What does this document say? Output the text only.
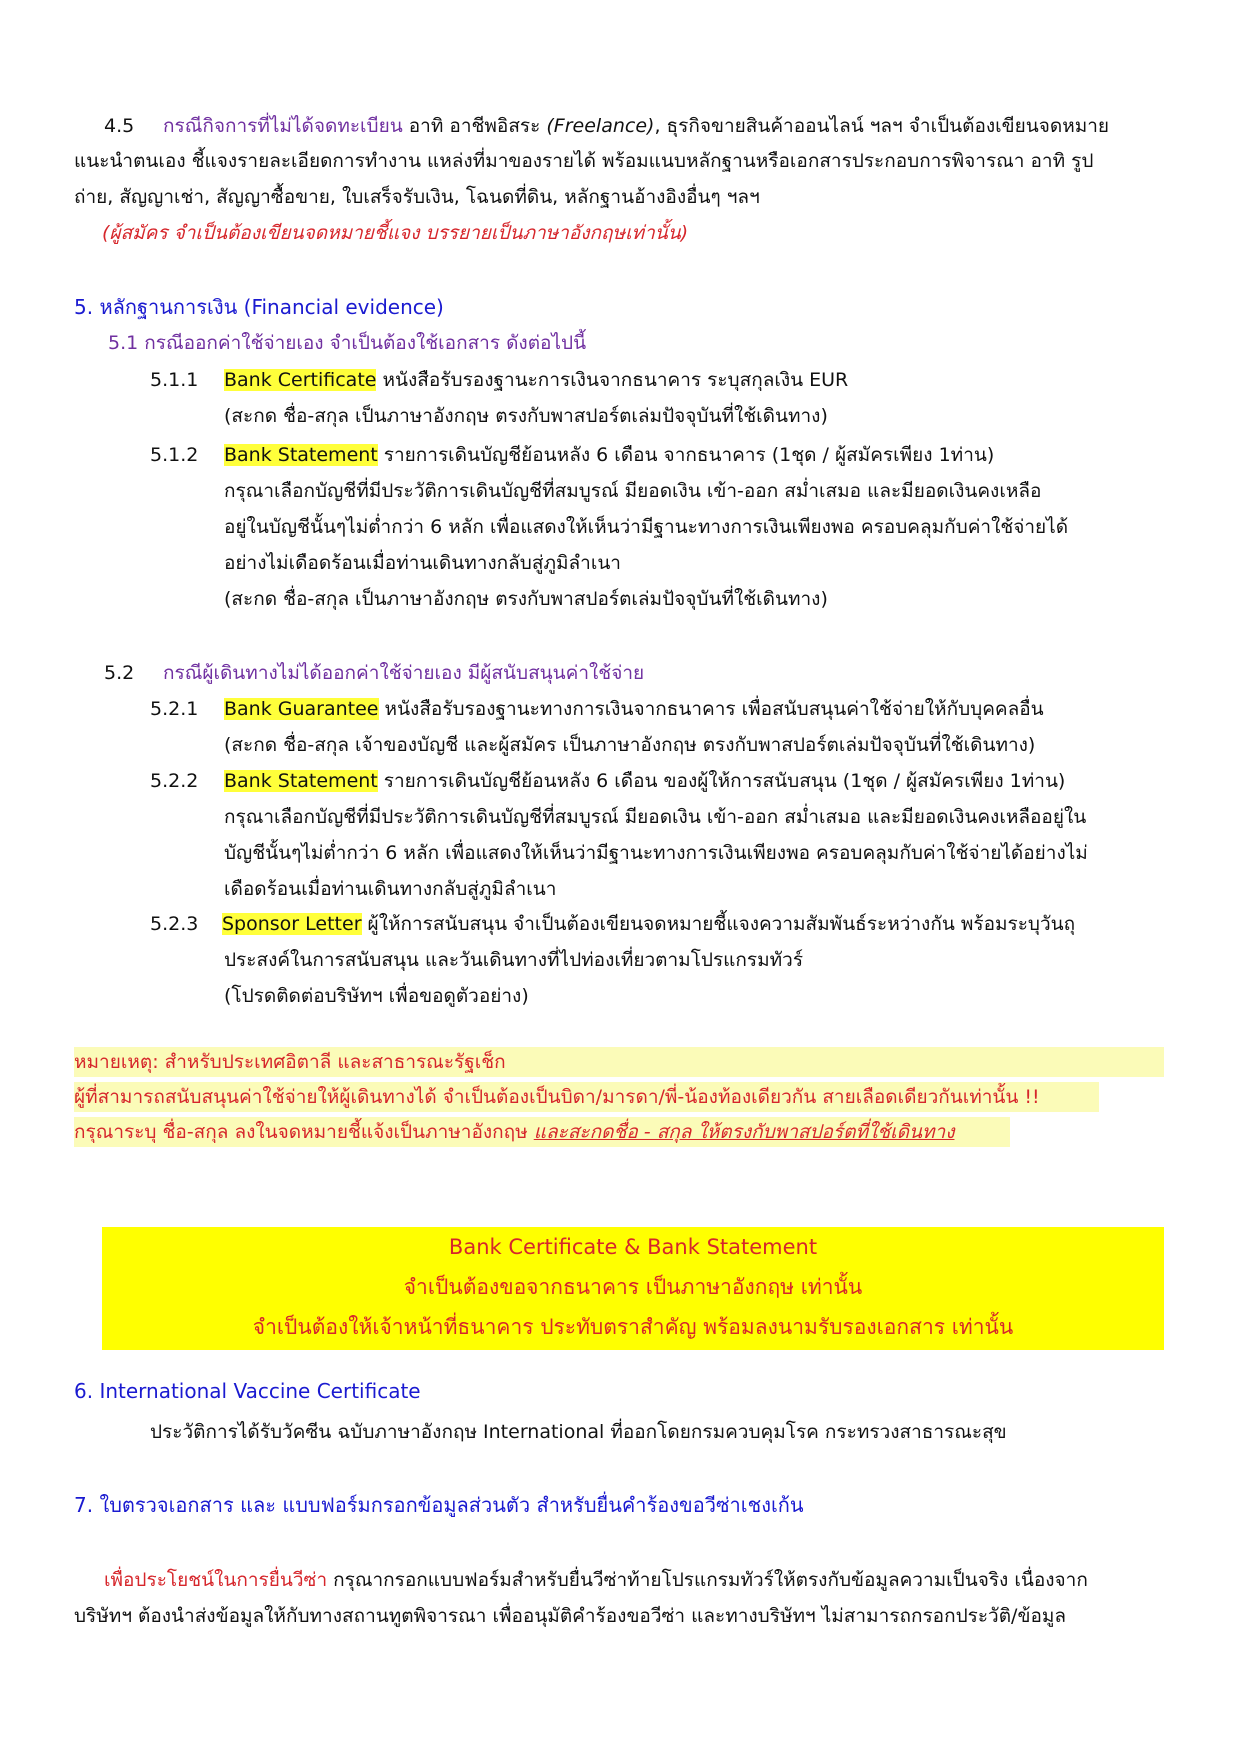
4.5 กรณีกิจการที่ไม่ได้จดทะเบียน อาทิ อาชีพอิสระ (Freelance), ธุรกิจขายสินค้าออนไลน์ ฯลฯ จำเป็นต้องเขียนจดหมาย
แนะนำตนเอง ชี้แจงรายละเอียดการทำงาน แหล่งที่มาของรายได้ พร้อมแนบหลักฐานหรือเอกสารประกอบการพิจารณา อาทิ รูป
ถ่าย, สัญญาเช่า, สัญญาซื้อขาย, ใบเสร็จรับเงิน, โฉนดที่ดิน, หลักฐานอ้างอิงอื่นๆ ฯลฯ
(ผู้สมัคร จำเป็นต้องเขียนจดหมายชี้แจง บรรยายเป็นภาษาอังกฤษเท่านั้น)
5. หลักฐานการเงิน (Financial evidence)
5.1 กรณีออกค่าใช้จ่ายเอง จำเป็นต้องใช้เอกสาร ดังต่อไปนี้
5.1.1 Bank Certificate หนังสือรับรองฐานะการเงินจากธนาคาร ระบุสกุลเงิน EUR
(สะกด ชื่อ-สกุล เป็นภาษาอังกฤษ ตรงกับพาสปอร์ตเล่มปัจจุบันที่ใช้เดินทาง)
5.1.2 Bank Statement รายการเดินบัญชีย้อนหลัง 6 เดือน จากธนาคาร (1ชุด / ผู้สมัครเพียง 1ท่าน)
กรุณาเลือกบัญชีที่มีประวัติการเดินบัญชีที่สมบูรณ์ มียอดเงิน เข้า-ออก สม่ำเสมอ และมียอดเงินคงเหลือ
อยู่ในบัญชีนั้นๆไม่ต่ำกว่า 6 หลัก เพื่อแสดงให้เห็นว่ามีฐานะทางการเงินเพียงพอ ครอบคลุมกับค่าใช้จ่ายได้
อย่างไม่เดือดร้อนเมื่อท่านเดินทางกลับสู่ภูมิลำเนา
(สะกด ชื่อ-สกุล เป็นภาษาอังกฤษ ตรงกับพาสปอร์ตเล่มปัจจุบันที่ใช้เดินทาง)
5.2 กรณีผู้เดินทางไม่ได้ออกค่าใช้จ่ายเอง มีผู้สนับสนุนค่าใช้จ่าย
5.2.1 Bank Guarantee หนังสือรับรองฐานะทางการเงินจากธนาคาร เพื่อสนับสนุนค่าใช้จ่ายให้กับบุคคลอื่น
(สะกด ชื่อ-สกุล เจ้าของบัญชี และผู้สมัคร เป็นภาษาอังกฤษ ตรงกับพาสปอร์ตเล่มปัจจุบันที่ใช้เดินทาง)
5.2.2 Bank Statement รายการเดินบัญชีย้อนหลัง 6 เดือน ของผู้ให้การสนับสนุน (1ชุด / ผู้สมัครเพียง 1ท่าน)
กรุณาเลือกบัญชีที่มีประวัติการเดินบัญชีที่สมบูรณ์ มียอดเงิน เข้า-ออก สม่ำเสมอ และมียอดเงินคงเหลืออยู่ใน
บัญชีนั้นๆไม่ต่ำกว่า 6 หลัก เพื่อแสดงให้เห็นว่ามีฐานะทางการเงินเพียงพอ ครอบคลุมกับค่าใช้จ่ายได้อย่างไม่
เดือดร้อนเมื่อท่านเดินทางกลับสู่ภูมิลำเนา
5.2.3 Sponsor Letter ผู้ให้การสนับสนุน จำเป็นต้องเขียนจดหมายชี้แจงความสัมพันธ์ระหว่างกัน พร้อมระบุวันถุ
ประสงค์ในการสนับสนุน และวันเดินทางที่ไปท่องเที่ยวตามโปรแกรมทัวร์
(โปรดติดต่อบริษัทฯ เพื่อขอดูตัวอย่าง)
หมายเหตุ: สำหรับประเทศอิตาลี และสาธารณะรัฐเช็ก
ผู้ที่สามารถสนับสนุนค่าใช้จ่ายให้ผู้เดินทางได้ จำเป็นต้องเป็นบิดา/มารดา/พี่-น้องท้องเดียวกัน สายเลือดเดียวกันเท่านั้น !!
กรุณาระบุ ชื่อ-สกุล ลงในจดหมายชี้แจ้งเป็นภาษาอังกฤษ และสะกดชื่อ - สกุล ให้ตรงกับพาสปอร์ตที่ใช้เดินทาง
Bank Certificate & Bank Statement
จำเป็นต้องขอจากธนาคาร เป็นภาษาอังกฤษ เท่านั้น
จำเป็นต้องให้เจ้าหน้าที่ธนาคาร ประทับตราสำคัญ พร้อมลงนามรับรองเอกสาร เท่านั้น
6. International Vaccine Certificate
ประวัติการได้รับวัคซีน ฉบับภาษาอังกฤษ International ที่ออกโดยกรมควบคุมโรค กระทรวงสาธารณะสุข
7. ใบตรวจเอกสาร และ แบบฟอร์มกรอกข้อมูลส่วนตัว สำหรับยื่นคำร้องขอวีซ่าเชงเก้น
เพื่อประโยชน์ในการยื่นวีซ่า กรุณากรอกแบบฟอร์มสำหรับยื่นวีซ่าท้ายโปรแกรมทัวร์ให้ตรงกับข้อมูลความเป็นจริง เนื่องจาก
บริษัทฯ ต้องนำส่งข้อมูลให้กับทางสถานทูตพิจารณา เพื่ออนุมัติคำร้องขอวีซ่า และทางบริษัทฯ ไม่สามารถกรอกประวัติ/ข้อมูล
